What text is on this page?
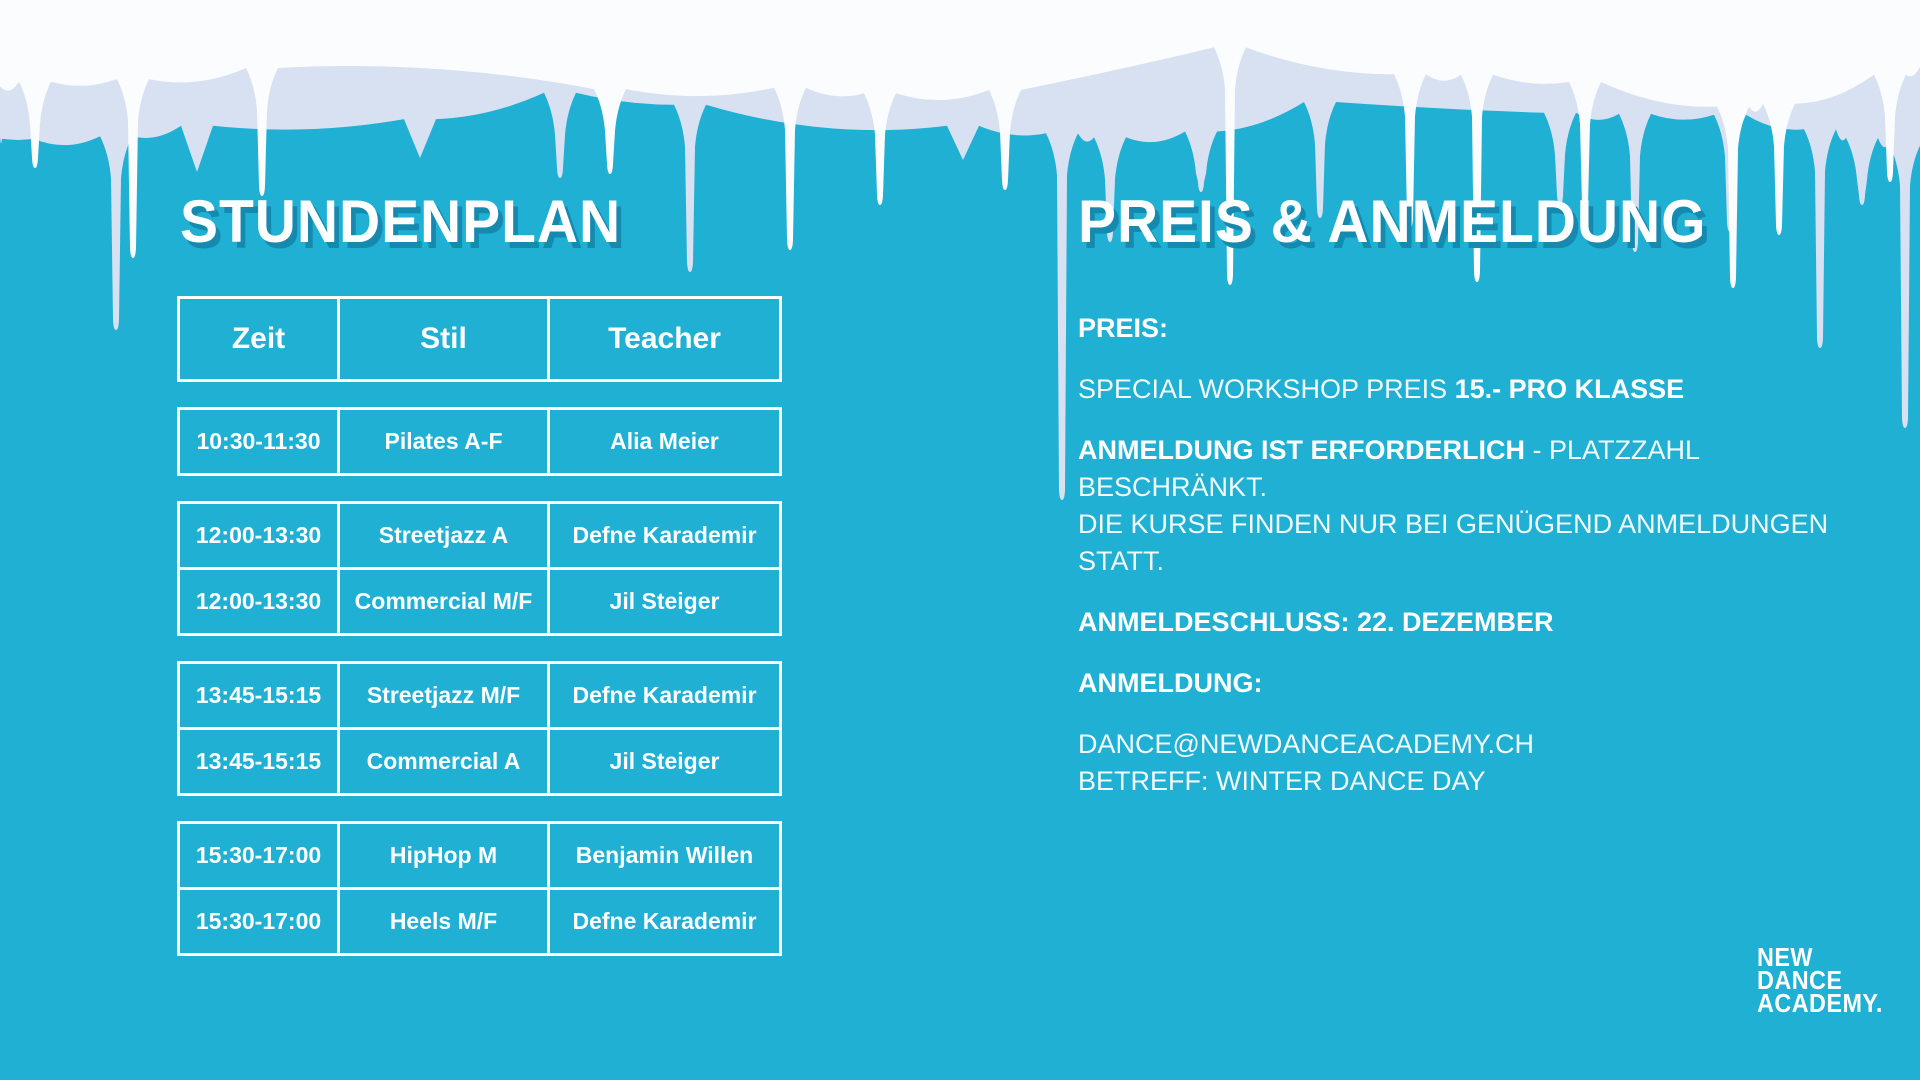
STUNDENPLAN
Zeit	Stil	Teacher
10:30-11:30	Pilates A-F	Alia Meier
12:00-13:30	Streetjazz A	Defne Karademir
12:00-13:30	Commercial M/F	Jil Steiger
13:45-15:15	Streetjazz M/F	Defne Karademir
13:45-15:15	Commercial A	Jil Steiger
15:30-17:00	HipHop M	Benjamin Willen
15:30-17:00	Heels M/F	Defne Karademir
PREIS & ANMELDUNG

PREIS:

SPECIAL WORKSHOP PREIS 15.- PRO KLASSE

ANMELDUNG IST ERFORDERLICH - PLATZZAHL BESCHRÄNKT.
DIE KURSE FINDEN NUR BEI GENÜGEND ANMELDUNGEN
STATT.

ANMELDESCHLUSS: 22. DEZEMBER

ANMELDUNG:

DANCE@NEWDANCEACADEMY.CH
BETREFF: WINTER DANCE DAY

NEW
DANCE
ACADEMY.
